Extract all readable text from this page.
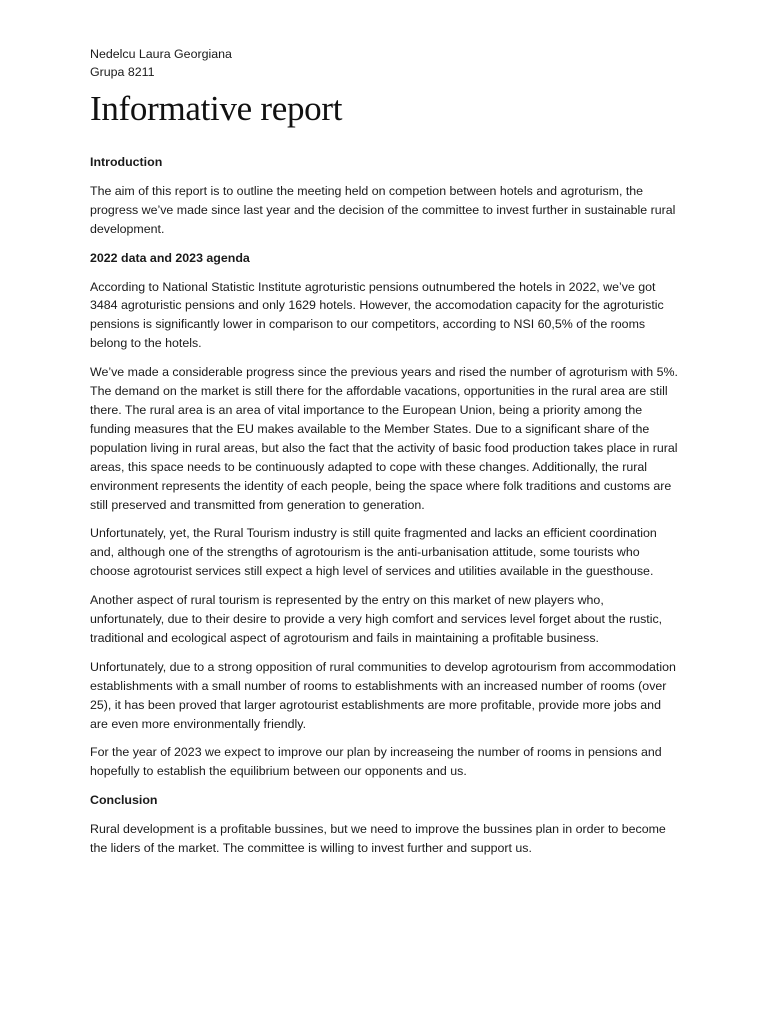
Nedelcu Laura Georgiana

Grupa 8211

Informative report

Introduction

The aim of this report is to outline the meeting held on competion between hotels and agroturism, the progress we’ve made since last year and the decision of the committee to invest further in sustainable rural development.

2022 data and 2023 agenda

According to National Statistic Institute agroturistic pensions outnumbered the hotels in 2022, we’ve got 3484 agroturistic pensions and only 1629 hotels. However, the accomodation capacity for the agroturistic pensions is significantly lower in comparison to our competitors, according to NSI 60,5% of the rooms belong to the hotels.

We’ve made a considerable progress since the previous years and rised the number of agroturism with 5%. The demand on the market is still there for the affordable vacations, opportunities in the rural area are still there. The rural area is an area of vital importance to the European Union, being a priority among the funding measures that the EU makes available to the Member States. Due to a significant share of the population living in rural areas, but also the fact that the activity of basic food production takes place in rural areas, this space needs to be continuously adapted to cope with these changes. Additionally, the rural environment represents the identity of each people, being the space where folk traditions and customs are still preserved and transmitted from generation to generation.

Unfortunately, yet, the Rural Tourism industry is still quite fragmented and lacks an efficient coordination and, although one of the strengths of agrotourism is the anti-urbanisation attitude, some tourists who choose agrotourist services still expect a high level of services and utilities available in the guesthouse.

Another aspect of rural tourism is represented by the entry on this market of new players who, unfortunately, due to their desire to provide a very high comfort and services level forget about the rustic, traditional and ecological aspect of agrotourism and fails in maintaining a profitable business.

Unfortunately, due to a strong opposition of rural communities to develop agrotourism from accommodation establishments with a small number of rooms to establishments with an increased number of rooms (over 25), it has been proved that larger agrotourist establishments are more profitable, provide more jobs and are even more environmentally friendly.

For the year of 2023 we expect to improve our plan by increaseing the number of rooms in pensions and hopefully to establish the equilibrium between our opponents and us.

Conclusion

Rural development is a profitable bussines, but we need to improve the bussines plan in order to become the liders of the market. The committee is willing to invest further and support us.
